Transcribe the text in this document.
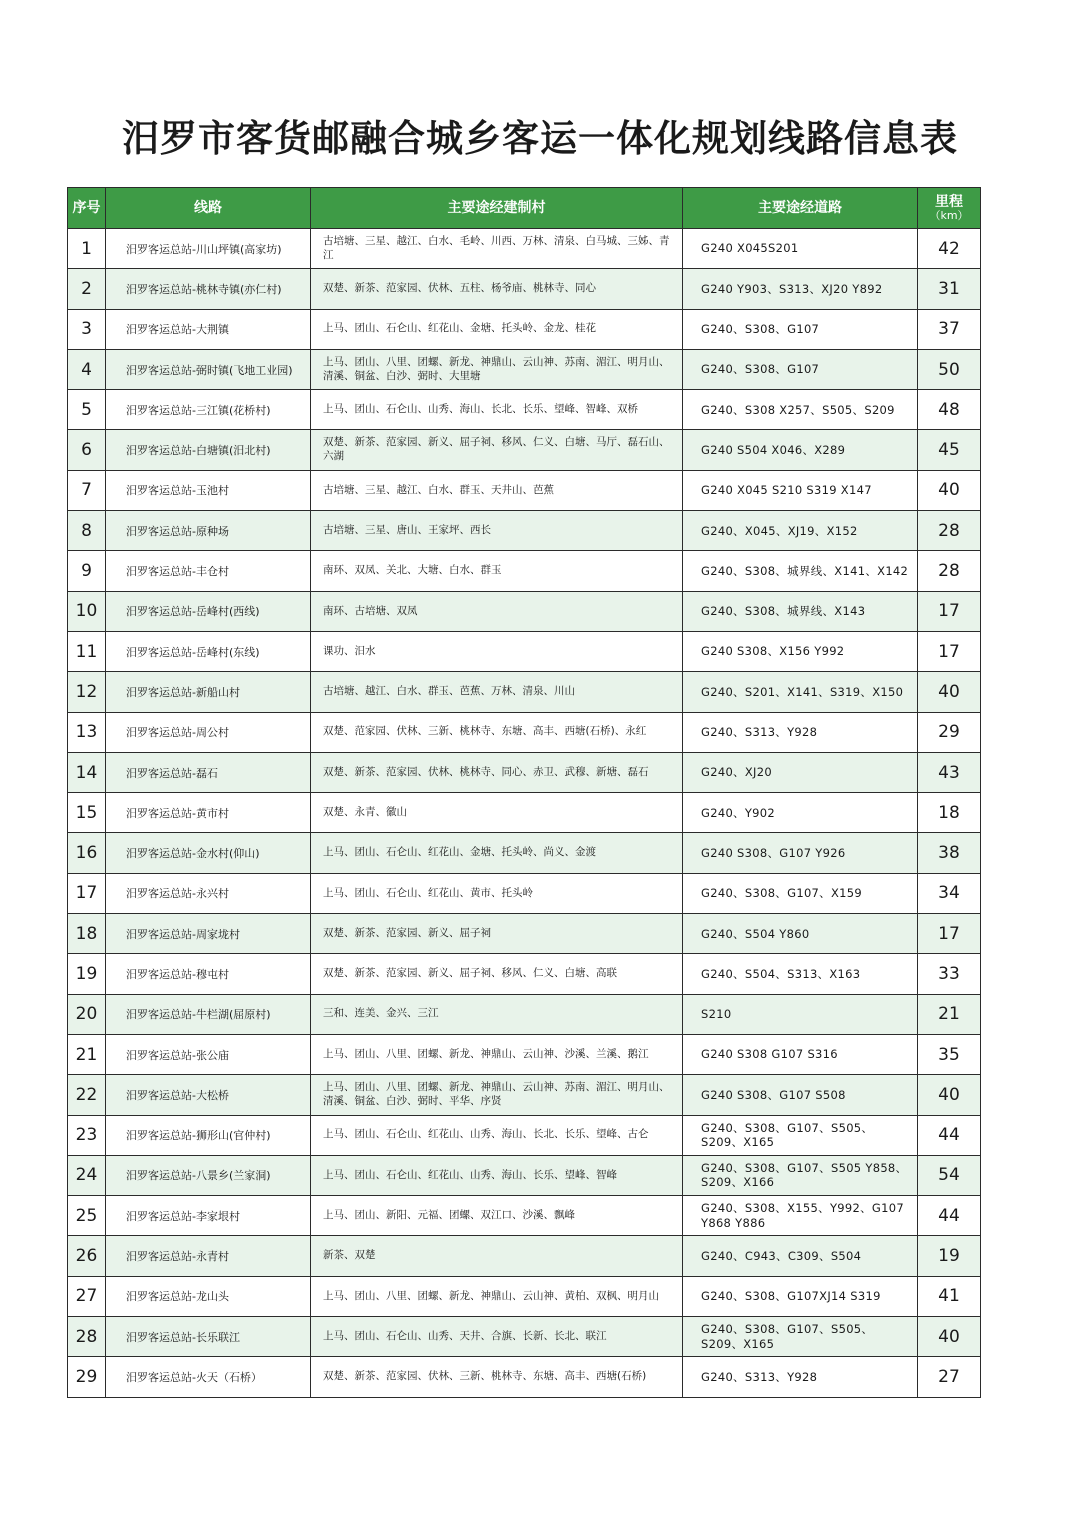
汨罗市客货邮融合城乡客运一体化规划线路信息表
序号	线路	主要途经建制村	主要途经道路	里程
（km）

1	汨罗客运总站-川山坪镇(高家坊)	古培塘、三星、越江、白水、毛岭、川西、万林、清泉、白马城、三姊、青江	G240 X045S201	42
2	汨罗客运总站-桃林寺镇(亦仁村)	双楚、新茶、范家园、伏林、五柱、杨爷庙、桃林寺、同心	G240 Y903、S313、XJ20 Y892	31
3	汨罗客运总站-大荆镇	上马、团山、石仑山、红花山、金塘、托头岭、金龙、桂花	G240、S308、G107	37
4	汨罗客运总站-弼时镇(飞地工业园)	上马、团山、八里、团螺、新龙、神鼎山、云山神、苏南、湄江、明月山、清溪、铜盆、白沙、弼时、大里塘	G240、S308、G107	50
5	汨罗客运总站-三江镇(花桥村)	上马、团山、石仑山、山秀、海山、长北、长乐、望峰、智峰、双桥	G240、S308 X257、S505、S209	48
6	汨罗客运总站-白塘镇(汨北村)	双楚、新茶、范家园、新义、屈子祠、移风、仁义、白塘、马厅、磊石山、六湖	G240 S504 X046、X289	45
7	汨罗客运总站-玉池村	古培塘、三星、越江、白水、群玉、天井山、芭蕉	G240 X045 S210 S319 X147	40
8	汨罗客运总站-原种场	古培塘、三星、唐山、王家坪、西长	G240、X045、XJ19、X152	28
9	汨罗客运总站-丰仓村	南环、双凤、关北、大塘、白水、群玉	G240、S308、城界线、X141、X142	28
10	汨罗客运总站-岳峰村(西线)	南环、古培塘、双凤	G240、S308、城界线、X143	17
11	汨罗客运总站-岳峰村(东线)	课功、汨水	G240 S308、X156 Y992	17
12	汨罗客运总站-新船山村	古培塘、越江、白水、群玉、芭蕉、万林、清泉、川山	G240、S201、X141、S319、X150	40
13	汨罗客运总站-周公村	双楚、范家园、伏林、三新、桃林寺、东塘、高丰、西塘(石桥)、永红	G240、S313、Y928	29
14	汨罗客运总站-磊石	双楚、新茶、范家园、伏林、桃林寺、同心、赤卫、武穆、新塘、磊石	G240、XJ20	43
15	汨罗客运总站-黄市村	双楚、永青、徽山	G240、Y902	18
16	汨罗客运总站-金水村(仰山)	上马、团山、石仑山、红花山、金塘、托头岭、尚义、金渡	G240 S308、G107 Y926	38
17	汨罗客运总站-永兴村	上马、团山、石仑山、红花山、黄市、托头岭	G240、S308、G107、X159	34
18	汨罗客运总站-周家垅村	双楚、新茶、范家园、新义、屈子祠	G240、S504 Y860	17
19	汨罗客运总站-穆屯村	双楚、新茶、范家园、新义、屈子祠、移风、仁义、白塘、高联	G240、S504、S313、X163	33
20	汨罗客运总站-牛栏湖(屈原村)	三和、连美、金兴、三江	S210	21
21	汨罗客运总站-张公庙	上马、团山、八里、团螺、新龙、神鼎山、云山神、沙溪、兰溪、鹅江	G240 S308 G107 S316	35
22	汨罗客运总站-大松桥	上马、团山、八里、团螺、新龙、神鼎山、云山神、苏南、湄江、明月山、清溪、铜盆、白沙、弼时、平华、序贤	G240 S308、G107 S508	40
23	汨罗客运总站-狮形山(官仲村)	上马、团山、石仑山、红花山、山秀、海山、长北、长乐、望峰、古仑	G240、S308、G107、S505、S209、X165	44
24	汨罗客运总站-八景乡(兰家洞)	上马、团山、石仑山、红花山、山秀、海山、长乐、望峰、智峰	G240、S308、G107、S505 Y858、S209、X166	54
25	汨罗客运总站-李家垠村	上马、团山、新阳、元福、团螺、双江口、沙溪、飘峰	G240、S308、X155、Y992、G107 Y868 Y886	44
26	汨罗客运总站-永青村	新茶、双楚	G240、C943、C309、S504	19
27	汨罗客运总站-龙山头	上马、团山、八里、团螺、新龙、神鼎山、云山神、黄柏、双枫、明月山	G240、S308、G107XJ14 S319	41
28	汨罗客运总站-长乐联江	上马、团山、石仑山、山秀、天井、合旗、长新、长北、联江	G240、S308、G107、S505、S209、X165	40
29	汨罗客运总站-火天（石桥）	双楚、新茶、范家园、伏林、三新、桃林寺、东塘、高丰、西塘(石桥)	G240、S313、Y928	27
